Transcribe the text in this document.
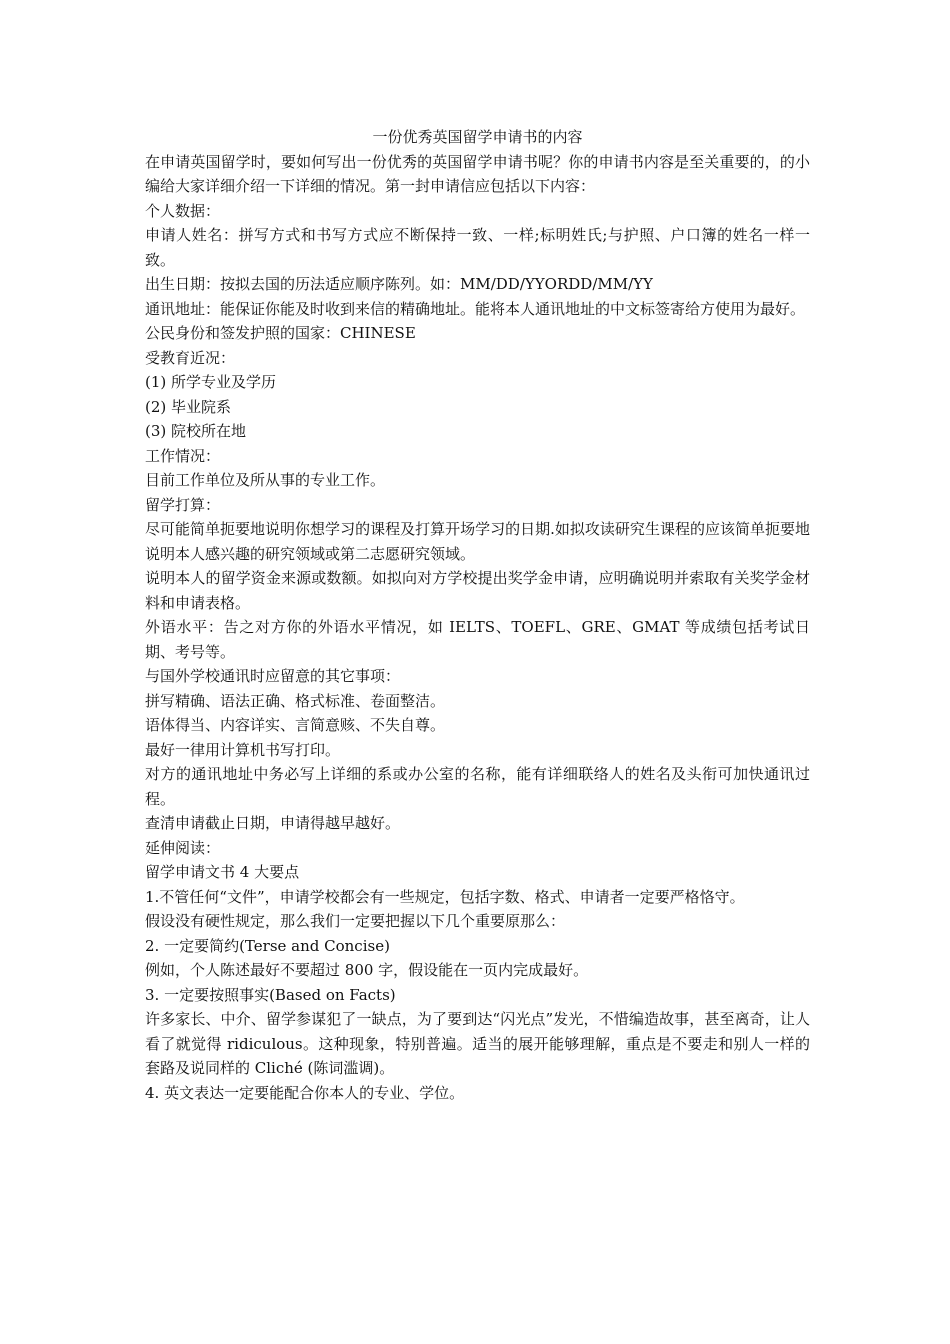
一份优秀英国留学申请书的内容

在申请英国留学时，要如何写出一份优秀的英国留学申请书呢？你的申请书内容是至关重要的，的小编给大家详细介绍一下详细的情况。第一封申请信应包括以下内容：

个人数据：

申请人姓名：拼写方式和书写方式应不断保持一致、一样;标明姓氏;与护照、户口簿的姓名一样一致。

出生日期：按拟去国的历法适应顺序陈列。如：MM/DD/YYORDD/MM/YY

通讯地址：能保证你能及时收到来信的精确地址。能将本人通讯地址的中文标签寄给方使用为最好。

公民身份和签发护照的国家：CHINESE

受教育近况：

(1) 所学专业及学历

(2) 毕业院系

(3) 院校所在地

工作情况：

目前工作单位及所从事的专业工作。

留学打算：

尽可能简单扼要地说明你想学习的课程及打算开场学习的日期.如拟攻读研究生课程的应该简单扼要地说明本人感兴趣的研究领域或第二志愿研究领域。

说明本人的留学资金来源或数额。如拟向对方学校提出奖学金申请，应明确说明并索取有关奖学金材料和申请表格。

外语水平：告之对方你的外语水平情况，如 IELTS、TOEFL、GRE、GMAT 等成绩包括考试日期、考号等。

与国外学校通讯时应留意的其它事项：

拼写精确、语法正确、格式标准、卷面整洁。

语体得当、内容详实、言简意赅、不失自尊。

最好一律用计算机书写打印。

对方的通讯地址中务必写上详细的系或办公室的名称，能有详细联络人的姓名及头衔可加快通讯过程。

查清申请截止日期，申请得越早越好。

延伸阅读：

留学申请文书 4 大要点

1.不管任何“文件”，申请学校都会有一些规定，包括字数、格式、申请者一定要严格恪守。

假设没有硬性规定，那么我们一定要把握以下几个重要原那么：

2. 一定要简约(Terse and Concise)

例如，个人陈述最好不要超过 800 字，假设能在一页内完成最好。

3. 一定要按照事实(Based on Facts)

许多家长、中介、留学参谋犯了一缺点，为了要到达“闪光点”发光，不惜编造故事，甚至离奇，让人看了就觉得 ridiculous。这种现象，特别普遍。适当的展开能够理解，重点是不要走和别人一样的套路及说同样的 Cliché (陈词滥调)。

4. 英文表达一定要能配合你本人的专业、学位。
